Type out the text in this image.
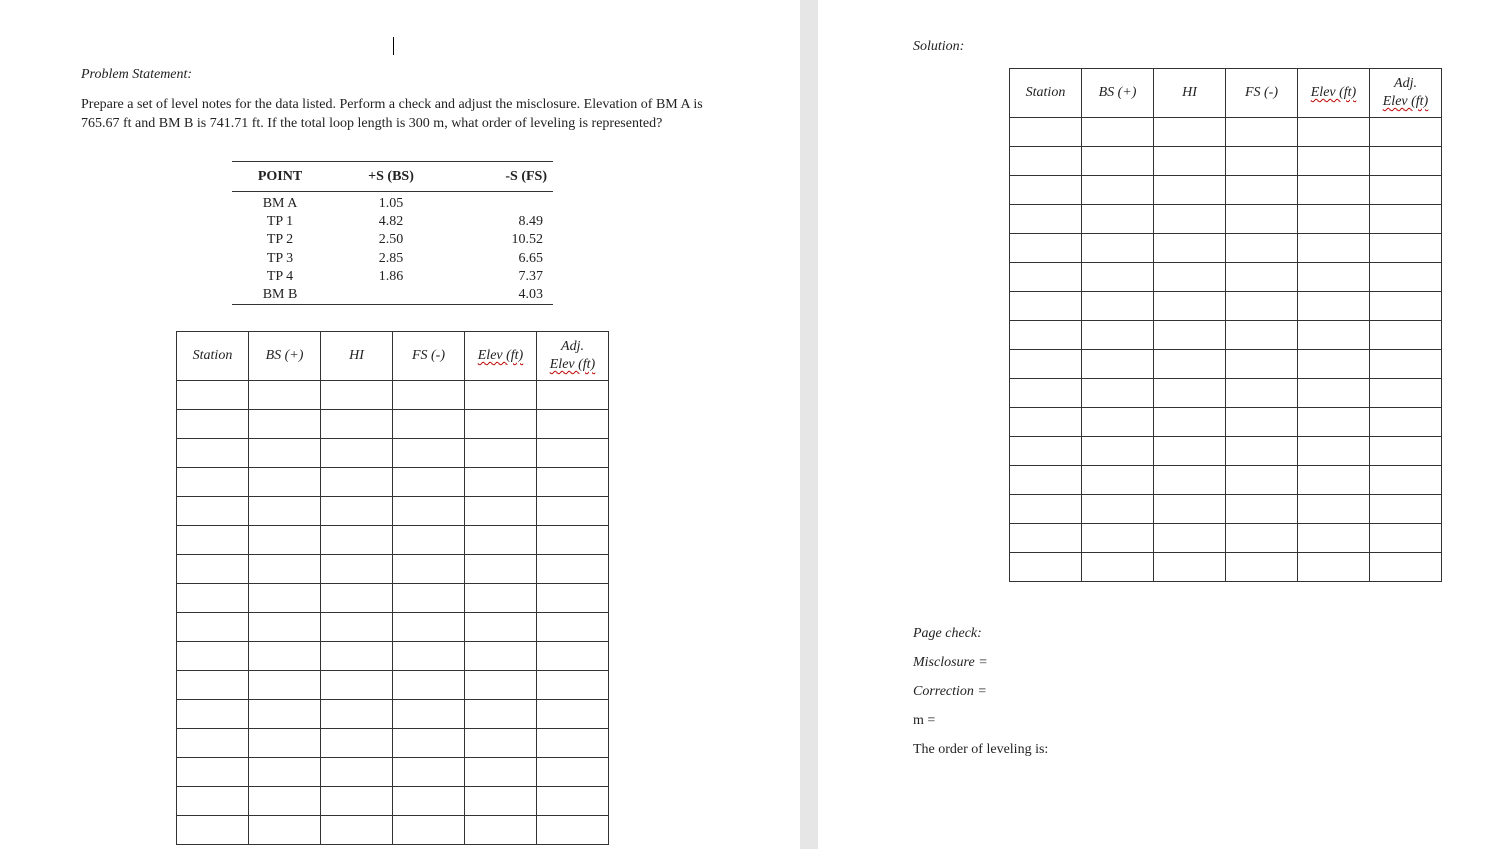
Problem Statement:
Prepare a set of level notes for the data listed. Perform a check and adjust the misclosure. Elevation of BM A is 765.67 ft and BM B is 741.71 ft. If the total loop length is 300 m, what order of leveling is represented?
POINT	+S (BS)	-S (FS)
BM A	1.05	
TP 1	4.82	8.49
TP 2	2.50	10.52
TP 3	2.85	6.65
TP 4	1.86	7.37
BM B		4.03
Station	BS (+)	HI	FS (-)	Elev (ft)	Adj.
Elev (ft)

Solution:
Station	BS (+)	HI	FS (-)	Elev (ft)	Adj.
Elev (ft)

Page check:
Misclosure =
Correction =
m =
The order of leveling is:
